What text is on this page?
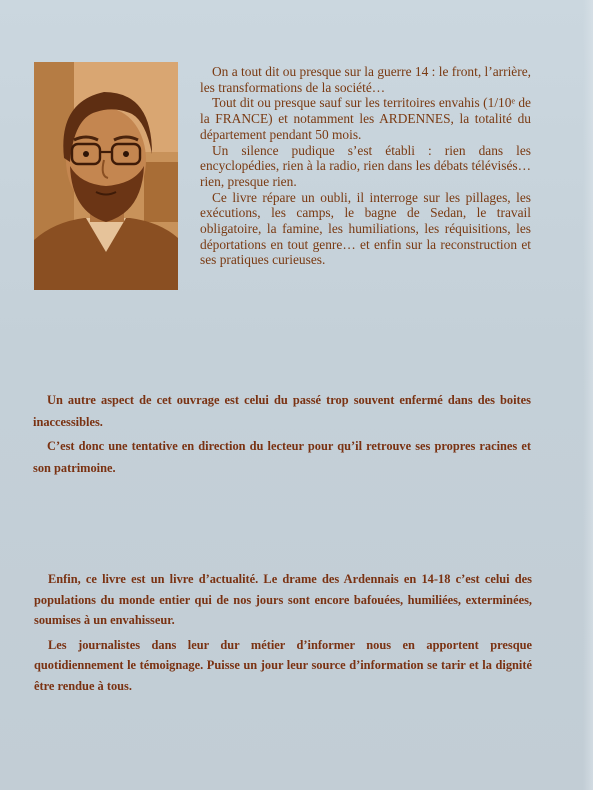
On a tout dit ou presque sur la guerre 14 : le front, l’arrière, les transformations de la société…

Tout dit ou presque sauf sur les territoires envahis (1/10ᵉ de la FRANCE) et notamment les ARDENNES, la totalité du département pendant 50 mois.

Un silence pudique s’est établi : rien dans les encyclopédies, rien à la radio, rien dans les débats télévisés… rien, presque rien.

Ce livre répare un oubli, il interroge sur les pillages, les exécutions, les camps, le bagne de Sedan, le travail obligatoire, la famine, les humiliations, les réquisitions, les déportations en tout genre… et enfin sur la reconstruction et ses pratiques curieuses.

Un autre aspect de cet ouvrage est celui du passé trop souvent enfermé dans des boites inaccessibles.

C’est donc une tentative en direction du lecteur pour qu’il retrouve ses propres racines et son patrimoine.

Enfin, ce livre est un livre d’actualité. Le drame des Ardennais en 14-18 c’est celui des populations du monde entier qui de nos jours sont encore bafouées, humiliées, exterminées, soumises à un envahisseur.

Les journalistes dans leur dur métier d’informer nous en apportent presque quotidiennement le témoignage. Puisse un jour leur source d’information se tarir et la dignité être rendue à tous.
